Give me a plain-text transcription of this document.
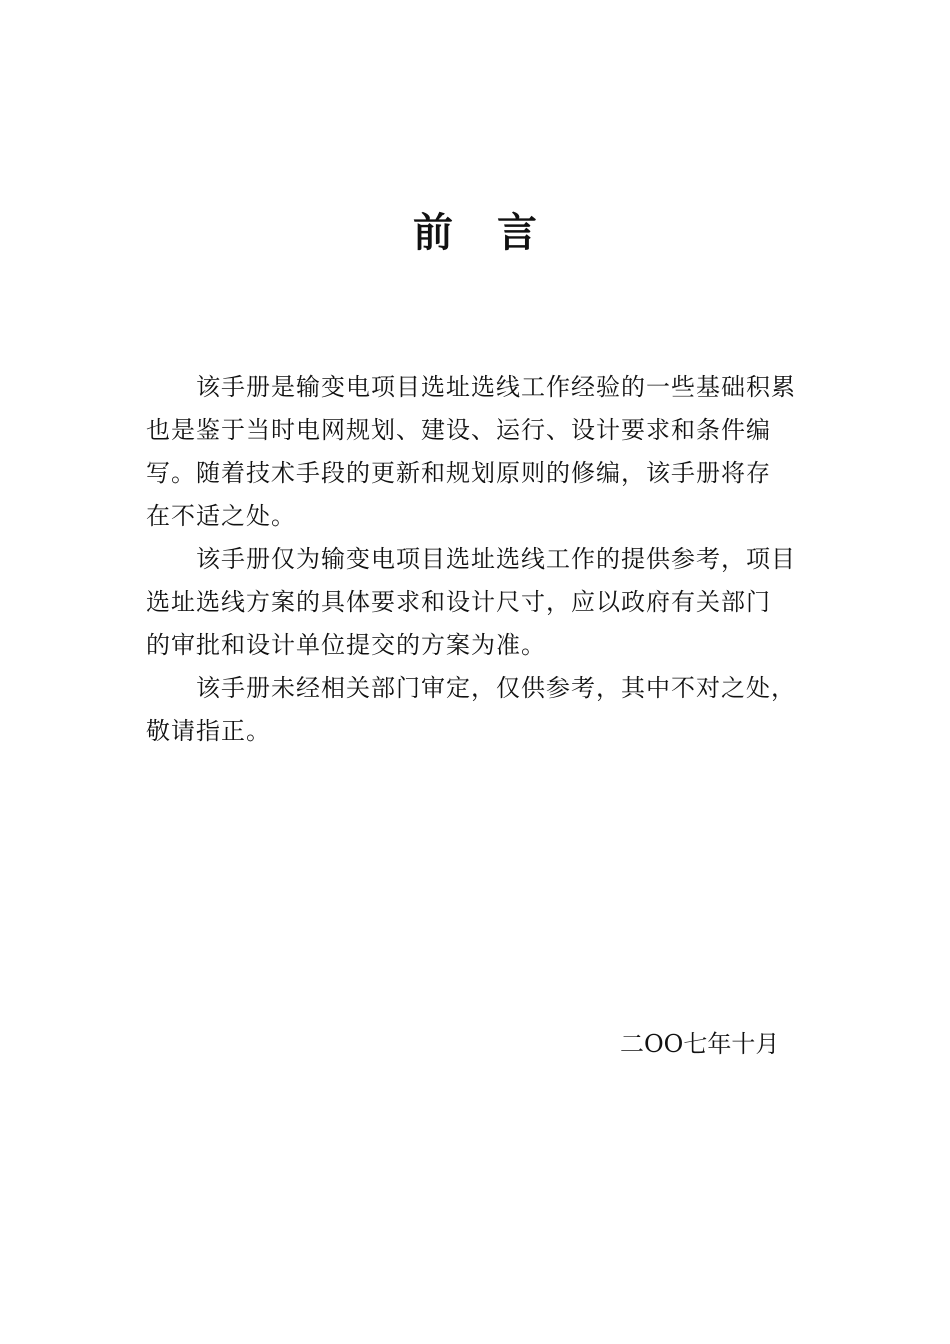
前 言

该手册是输变电项目选址选线工作经验的一些基础积累
也是鉴于当时电网规划、建设、运行、设计要求和条件编
写。随着技术手段的更新和规划原则的修编，该手册将存
在不适之处。

该手册仅为输变电项目选址选线工作的提供参考，项目
选址选线方案的具体要求和设计尺寸，应以政府有关部门
的审批和设计单位提交的方案为准。

该手册未经相关部门审定，仅供参考，其中不对之处，
敬请指正。

二OO七年十月
